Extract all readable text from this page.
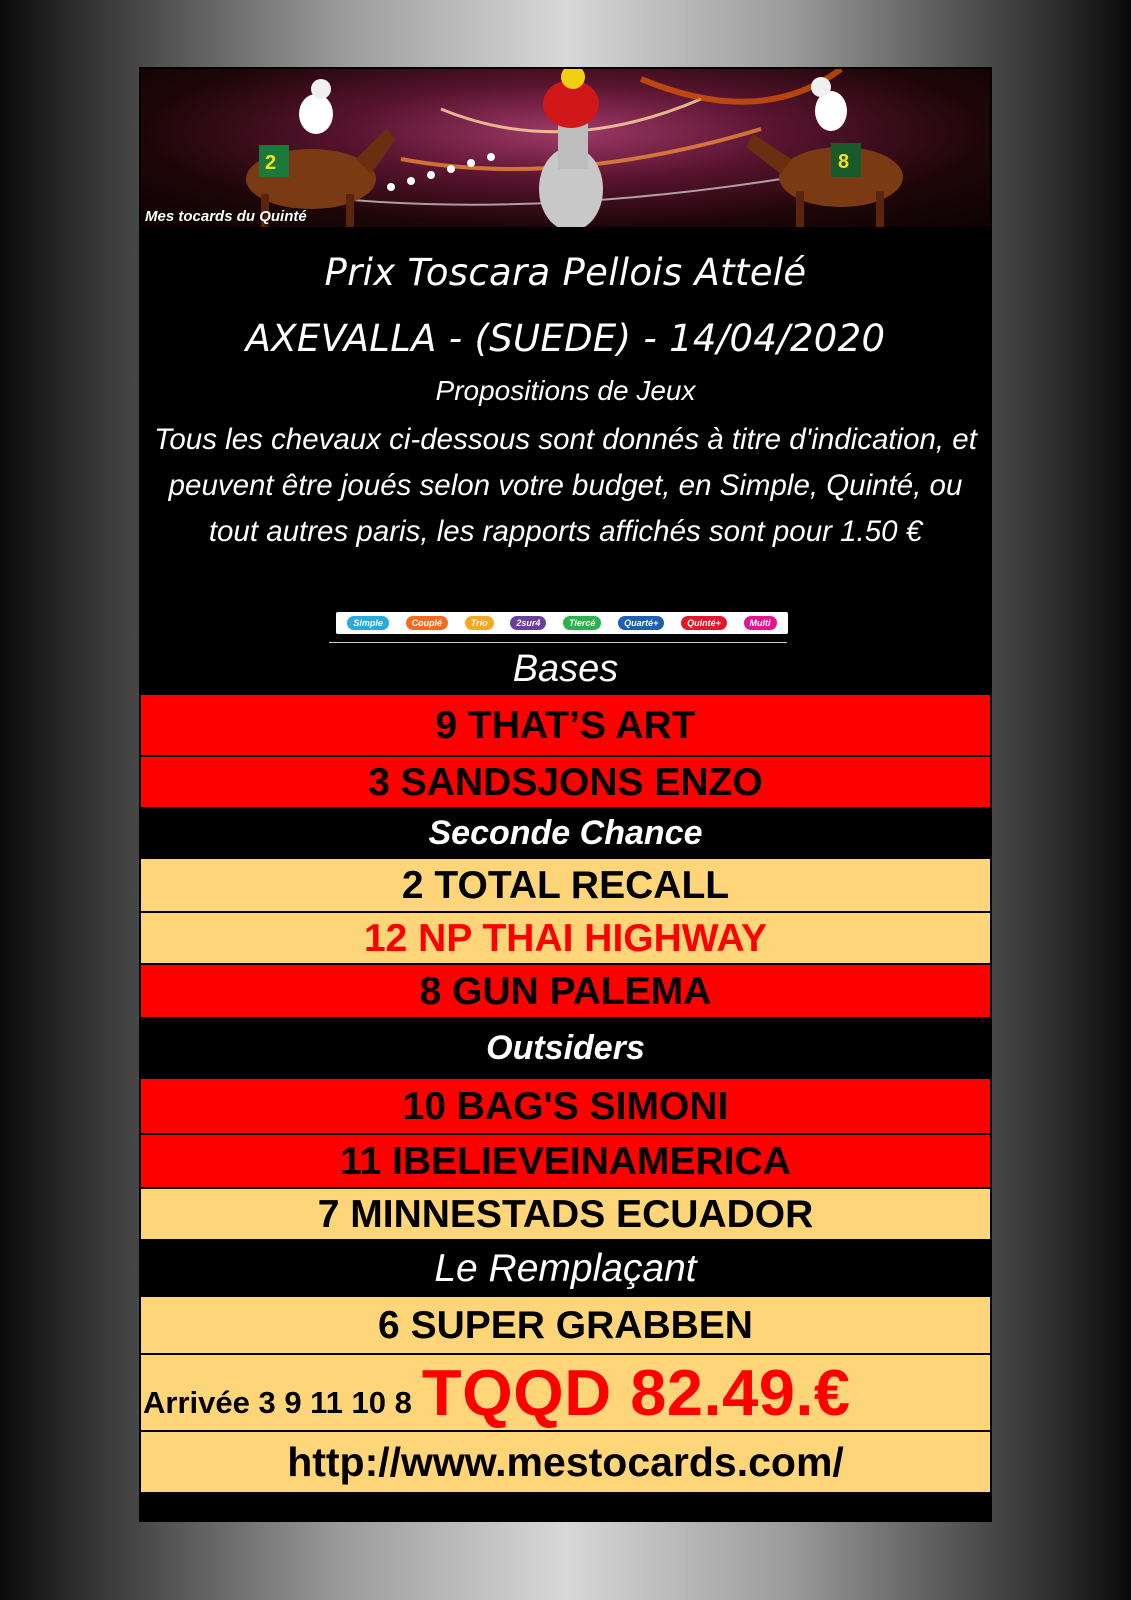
2	8
Mes tocards du Quinté
Prix Toscara Pellois Attelé
AXEVALLA - (SUEDE) - 14/04/2020
Propositions de Jeux
Tous les chevaux ci-dessous sont donnés à titre d'indication, et peuvent être joués selon votre budget, en Simple, Quinté, ou tout autres paris, les rapports affichés sont pour 1.50 €
Simple	Couplé	Trio	2sur4	Tiercé	Quarté+	Quinté+	Multi
Bases
9 THAT’S ART
3 SANDSJONS ENZO
Seconde Chance
2 TOTAL RECALL
12 NP THAI HIGHWAY
8 GUN PALEMA
Outsiders
10 BAG'S SIMONI
11 IBELIEVEINAMERICA
7 MINNESTADS ECUADOR
Le Remplaçant
6 SUPER GRABBEN
Arrivée 3 9 11 10 8 TQQD 82.49.€
http://www.mestocards.com/
